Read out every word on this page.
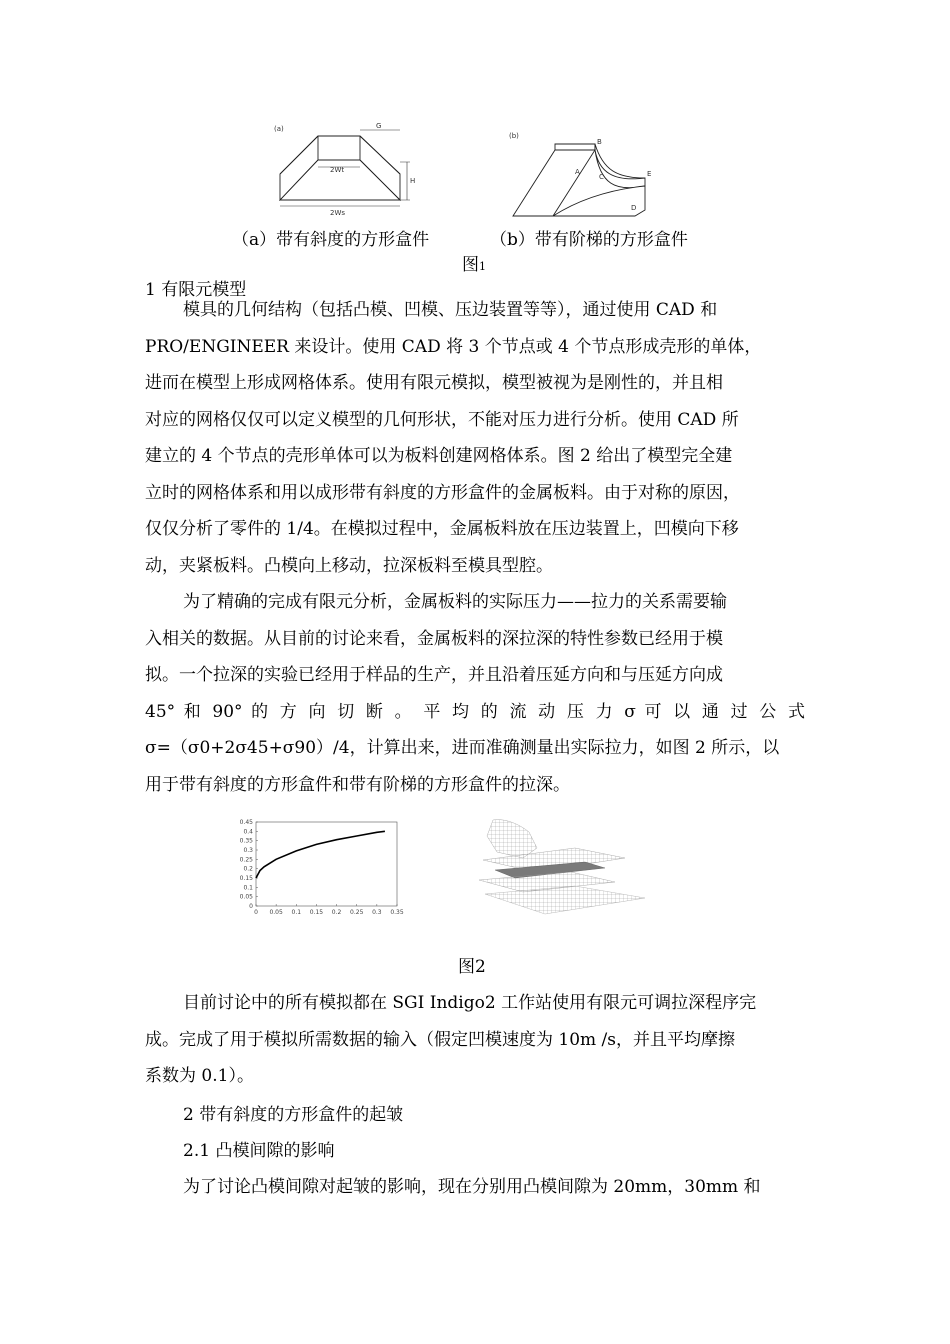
(a)	G
2Wt
H
2Ws
(b)
B
A
C	E
D
（a）带有斜度的方形盒件	（b）带有阶梯的方形盒件
图1
1 有限元模型

模具的几何结构（包括凸模、凹模、压边装置等等），通过使用 CAD 和

PRO/ENGINEER 来设计。使用 CAD 将 3 个节点或 4 个节点形成壳形的单体，

进而在模型上形成网格体系。使用有限元模拟，模型被视为是刚性的，并且相

对应的网格仅仅可以定义模型的几何形状，不能对压力进行分析。使用 CAD 所

建立的 4 个节点的壳形单体可以为板料创建网格体系。图 2 给出了模型完全建

立时的网格体系和用以成形带有斜度的方形盒件的金属板料。由于对称的原因，

仅仅分析了零件的 1/4。在模拟过程中，金属板料放在压边装置上，凹模向下移

动，夹紧板料。凸模向上移动，拉深板料至模具型腔。

为了精确的完成有限元分析，金属板料的实际压力——拉力的关系需要输

入相关的数据。从目前的讨论来看，金属板料的深拉深的特性参数已经用于模

拟。一个拉深的实验已经用于样品的生产，并且沿着压延方向和与压延方向成

45° 和 90° 的 方 向 切 断 。 平 均 的 流 动 压 力 σ 可 以 通 过 公 式

σ=（σ0+2σ45+σ90）/4，计算出来，进而准确测量出实际拉力，如图 2 所示，以

用于带有斜度的方形盒件和带有阶梯的方形盒件的拉深。

0 0.05 0.1 0.15 0.2 0.25 0.3 0.35
0
0.05
0.1
0.15
0.2
0.25
0.3
0.35
0.4
0.45
图2

目前讨论中的所有模拟都在 SGI Indigo2 工作站使用有限元可调拉深程序完

成。完成了用于模拟所需数据的输入（假定凹模速度为 10m /s，并且平均摩擦

系数为 0.1）。

2 带有斜度的方形盒件的起皱
2.1 凸模间隙的影响
为了讨论凸模间隙对起皱的影响，现在分别用凸模间隙为 20mm，30mm 和
